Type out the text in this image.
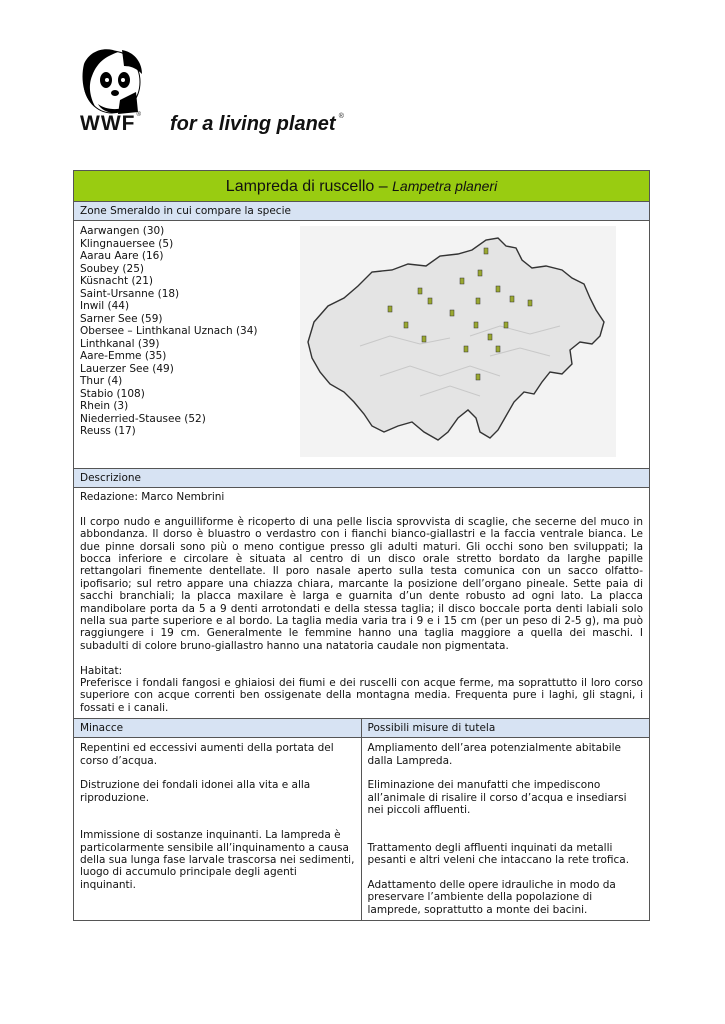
WWF® for a living planet ®
Lampreda di ruscello – Lampetra planeri
Zone Smeraldo in cui compare la specie
Aarwangen (30)
Klingnauersee (5)
Aarau Aare (16)
Soubey (25)
Küsnacht (21)
Saint-Ursanne (18)
Inwil (44)
Sarner See (59)
Obersee – Linthkanal Uznach (34)
Linthkanal (39)
Aare-Emme (35)
Lauerzer See (49)
Thur (4)
Stabio (108)
Rhein (3)
Niederried-Stausee (52)
Reuss (17)
Descrizione

Redazione: Marco Nembrini

Il corpo nudo e anguilliforme è ricoperto di una pelle liscia sprovvista di scaglie, che secerne del muco in abbondanza. Il dorso è bluastro o verdastro con i fianchi bianco-giallastri e la faccia ventrale bianca. Le due pinne dorsali sono più o meno contigue presso gli adulti maturi. Gli occhi sono ben sviluppati; la bocca inferiore e circolare è situata al centro di un disco orale stretto bordato da larghe papille rettangolari finemente dentellate. Il poro nasale aperto sulla testa comunica con un sacco olfatto-ipofisario; sul retro appare una chiazza chiara, marcante la posizione dell’organo pineale. Sette paia di sacchi branchiali; la placca maxilare è larga e guarnita d’un dente robusto ad ogni lato. La placca mandibolare porta da 5 a 9 denti arrotondati e della stessa taglia; il disco boccale porta denti labiali solo nella sua parte superiore e al bordo. La taglia media varia tra i 9 e i 15 cm (per un peso di 2-5 g), ma può raggiungere i 19 cm. Generalmente le femmine hanno una taglia maggiore a quella dei maschi. I subadulti di colore bruno-giallastro hanno una natatoria caudale non pigmentata.

Habitat:

Preferisce i fondali fangosi e ghiaiosi dei fiumi e dei ruscelli con acque ferme, ma soprattutto il loro corso superiore con acque correnti ben ossigenate della montagna media. Frequenta pure i laghi, gli stagni, i fossati e i canali.

Minacce

Repentini ed eccessivi aumenti della portata del corso d’acqua.

Distruzione dei fondali idonei alla vita e alla riproduzione.

Immissione di sostanze inquinanti. La lampreda è particolarmente sensibile all’inquinamento a causa della sua lunga fase larvale trascorsa nei sedimenti, luogo di accumulo principale degli agenti inquinanti.

Possibili misure di tutela

Ampliamento dell’area potenzialmente abitabile dalla Lampreda.

Eliminazione dei manufatti che impediscono all’animale di risalire il corso d’acqua e insediarsi nei piccoli affluenti.

Trattamento degli affluenti inquinati da metalli pesanti e altri veleni che intaccano la rete trofica.

Adattamento delle opere idrauliche in modo da preservare l’ambiente della popolazione di lamprede, soprattutto a monte dei bacini.
